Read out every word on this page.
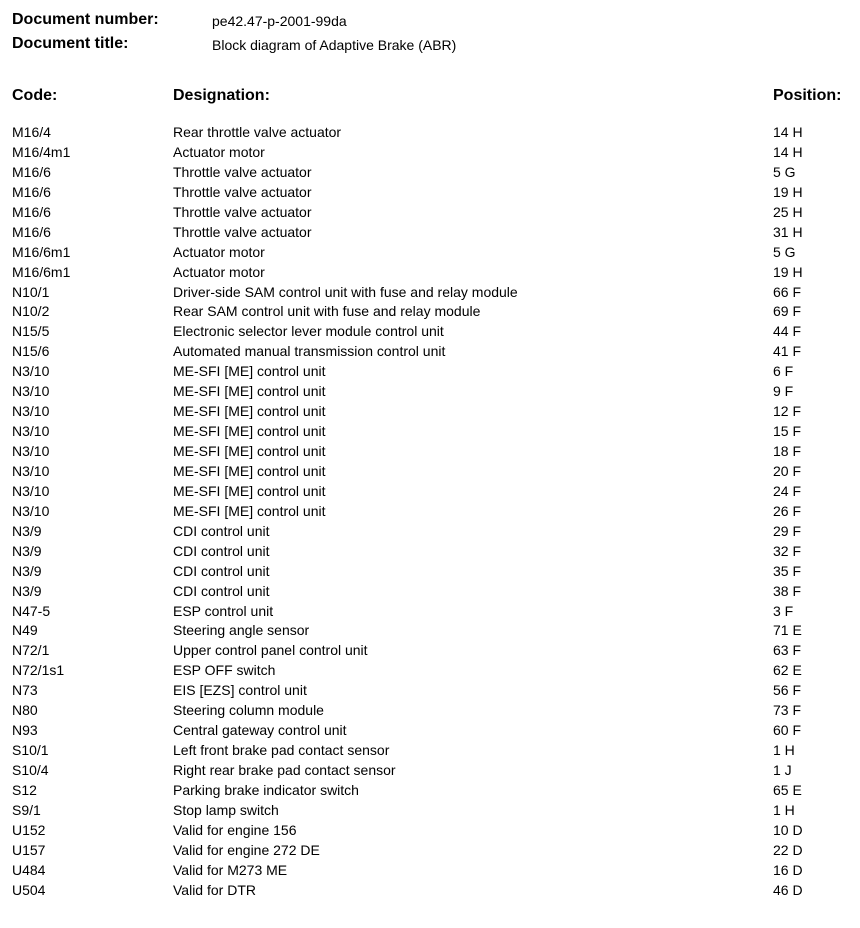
Document number:	pe42.47-p-2001-99da
Document title:	Block diagram of Adaptive Brake (ABR)
Code:	Designation:	Position:
M16/4	Rear throttle valve actuator	14 H
M16/4m1	Actuator motor	14 H
M16/6	Throttle valve actuator	5 G
M16/6	Throttle valve actuator	19 H
M16/6	Throttle valve actuator	25 H
M16/6	Throttle valve actuator	31 H
M16/6m1	Actuator motor	5 G
M16/6m1	Actuator motor	19 H
N10/1	Driver-side SAM control unit with fuse and relay module	66 F
N10/2	Rear SAM control unit with fuse and relay module	69 F
N15/5	Electronic selector lever module control unit	44 F
N15/6	Automated manual transmission control unit	41 F
N3/10	ME-SFI [ME] control unit	6 F
N3/10	ME-SFI [ME] control unit	9 F
N3/10	ME-SFI [ME] control unit	12 F
N3/10	ME-SFI [ME] control unit	15 F
N3/10	ME-SFI [ME] control unit	18 F
N3/10	ME-SFI [ME] control unit	20 F
N3/10	ME-SFI [ME] control unit	24 F
N3/10	ME-SFI [ME] control unit	26 F
N3/9	CDI control unit	29 F
N3/9	CDI control unit	32 F
N3/9	CDI control unit	35 F
N3/9	CDI control unit	38 F
N47-5	ESP control unit	3 F
N49	Steering angle sensor	71 E
N72/1	Upper control panel control unit	63 F
N72/1s1	ESP OFF switch	62 E
N73	EIS [EZS] control unit	56 F
N80	Steering column module	73 F
N93	Central gateway control unit	60 F
S10/1	Left front brake pad contact sensor	1 H
S10/4	Right rear brake pad contact sensor	1 J
S12	Parking brake indicator switch	65 E
S9/1	Stop lamp switch	1 H
U152	Valid for engine 156	10 D
U157	Valid for engine 272 DE	22 D
U484	Valid for M273 ME	16 D
U504	Valid for DTR	46 D
